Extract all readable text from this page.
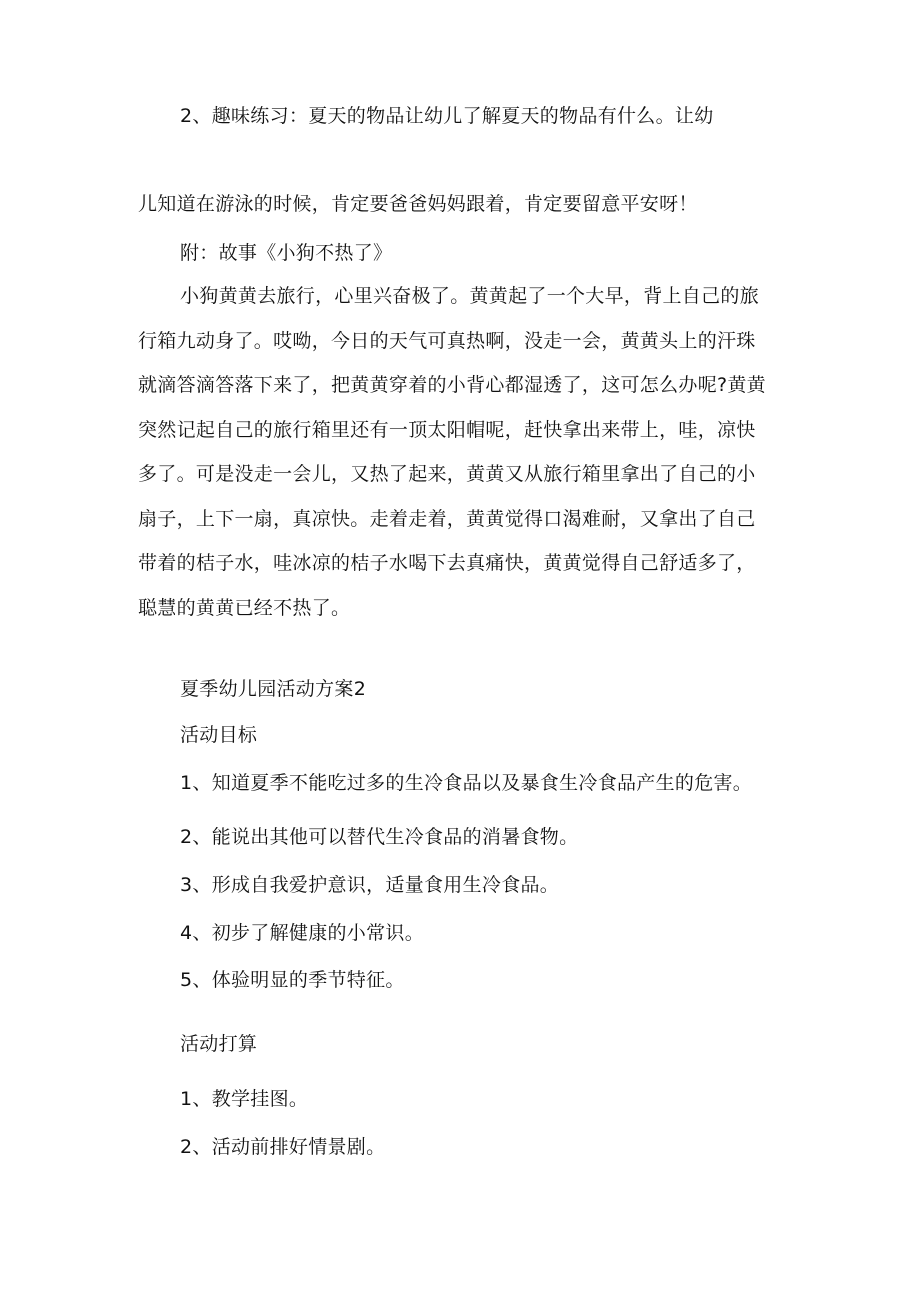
2、趣味练习：夏天的物品让幼儿了解夏天的物品有什么。让幼
儿知道在游泳的时候，肯定要爸爸妈妈跟着，肯定要留意平安呀！
附：故事《小狗不热了》
小狗黄黄去旅行，心里兴奋极了。黄黄起了一个大早，背上自己的旅
行箱九动身了。哎呦，今日的天气可真热啊，没走一会，黄黄头上的汗珠
就滴答滴答落下来了，把黄黄穿着的小背心都湿透了，这可怎么办呢?黄黄
突然记起自己的旅行箱里还有一顶太阳帽呢，赶快拿出来带上，哇，凉快
多了。可是没走一会儿，又热了起来，黄黄又从旅行箱里拿出了自己的小
扇子，上下一扇，真凉快。走着走着，黄黄觉得口渴难耐，又拿出了自己
带着的桔子水，哇冰凉的桔子水喝下去真痛快，黄黄觉得自己舒适多了，
聪慧的黄黄已经不热了。
夏季幼儿园活动方案2
活动目标
1、知道夏季不能吃过多的生冷食品以及暴食生冷食品产生的危害。
2、能说出其他可以替代生冷食品的消暑食物。
3、形成自我爱护意识，适量食用生冷食品。
4、初步了解健康的小常识。
5、体验明显的季节特征。
活动打算
1、教学挂图。
2、活动前排好情景剧。
